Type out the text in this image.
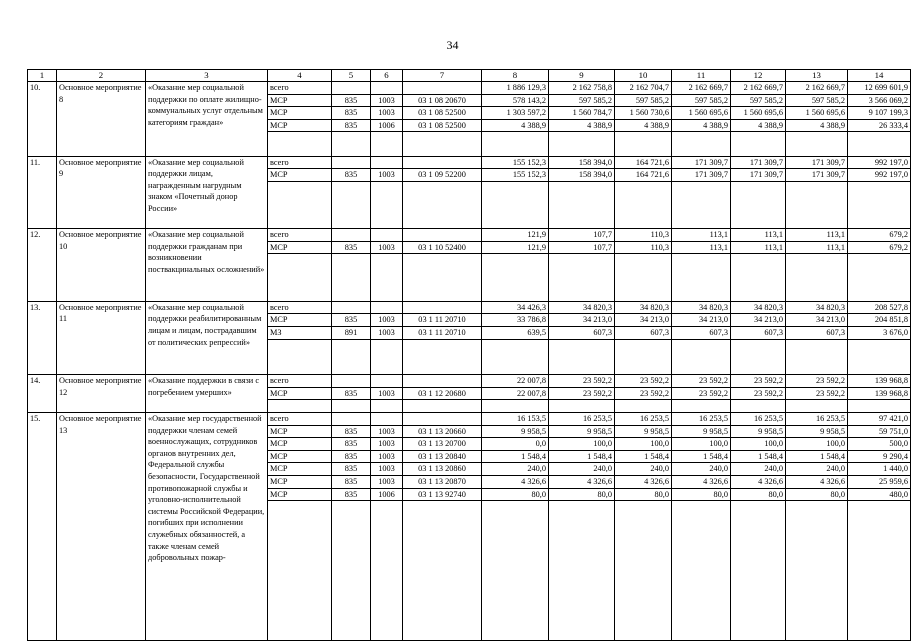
34
1	2	3	4	5	6	7	8	9	10	11	12	13	14
10.	Основное мероприятие 8	«Оказание мер социальной поддержки по оплате жилищно-коммунальных услуг отдельным категориям граждан»	всего				1 886 129,3	2 162 758,8	2 162 704,7	2 162 669,7	2 162 669,7	2 162 669,7	12 699 601,9
			МСР	835	1003	03 1 08 20670	578 143,2	597 585,2	597 585,2	597 585,2	597 585,2	597 585,2	3 566 069,2
			МСР	835	1003	03 1 08 52500	1 303 597,2	1 560 784,7	1 560 730,6	1 560 695,6	1 560 695,6	1 560 695,6	9 107 199,3
			МСР	835	1006	03 1 08 52500	4 388,9	4 388,9	4 388,9	4 388,9	4 388,9	4 388,9	26 333,4

11.	Основное мероприятие 9	«Оказание мер социальной поддержки лицам, награжденным нагрудным знаком «Почетный донор России»	всего				155 152,3	158 394,0	164 721,6	171 309,7	171 309,7	171 309,7	992 197,0
			МСР	835	1003	03 1 09 52200	155 152,3	158 394,0	164 721,6	171 309,7	171 309,7	171 309,7	992 197,0

12.	Основное мероприятие 10	«Оказание мер социальной поддержки гражданам при возникновении поствакцинальных осложнений»	всего				121,9	107,7	110,3	113,1	113,1	113,1	679,2
			МСР	835	1003	03 1 10 52400	121,9	107,7	110,3	113,1	113,1	113,1	679,2

13.	Основное мероприятие 11	«Оказание мер социальной поддержки реабилитированным лицам и лицам, пострадавшим от политических репрессий»	всего				34 426,3	34 820,3	34 820,3	34 820,3	34 820,3	34 820,3	208 527,8
			МСР	835	1003	03 1 11 20710	33 786,8	34 213,0	34 213,0	34 213,0	34 213,0	34 213,0	204 851,8
			МЗ	891	1003	03 1 11 20710	639,5	607,3	607,3	607,3	607,3	607,3	3 676,0

14.	Основное мероприятие 12	«Оказание поддержки в связи с погребением умерших»	всего				22 007,8	23 592,2	23 592,2	23 592,2	23 592,2	23 592,2	139 968,8
			МСР	835	1003	03 1 12 20680	22 007,8	23 592,2	23 592,2	23 592,2	23 592,2	23 592,2	139 968,8

15.	Основное мероприятие 13	«Оказание мер государственной поддержки членам семей военнослужащих, сотрудников органов внутренних дел, Федеральной службы безопасности, Государственной противопожарной службы и уголовно-исполнительной системы Российской Федерации, погибших при исполнении служебных обязанностей, а также членам семей добровольных пожар-	всего				16 153,5	16 253,5	16 253,5	16 253,5	16 253,5	16 253,5	97 421,0
			МСР	835	1003	03 1 13 20660	9 958,5	9 958,5	9 958,5	9 958,5	9 958,5	9 958,5	59 751,0
			МСР	835	1003	03 1 13 20700	0,0	100,0	100,0	100,0	100,0	100,0	500,0
			МСР	835	1003	03 1 13 20840	1 548,4	1 548,4	1 548,4	1 548,4	1 548,4	1 548,4	9 290,4
			МСР	835	1003	03 1 13 20860	240,0	240,0	240,0	240,0	240,0	240,0	1 440,0
			МСР	835	1003	03 1 13 20870	4 326,6	4 326,6	4 326,6	4 326,6	4 326,6	4 326,6	25 959,6
			МСР	835	1006	03 1 13 92740	80,0	80,0	80,0	80,0	80,0	80,0	480,0
